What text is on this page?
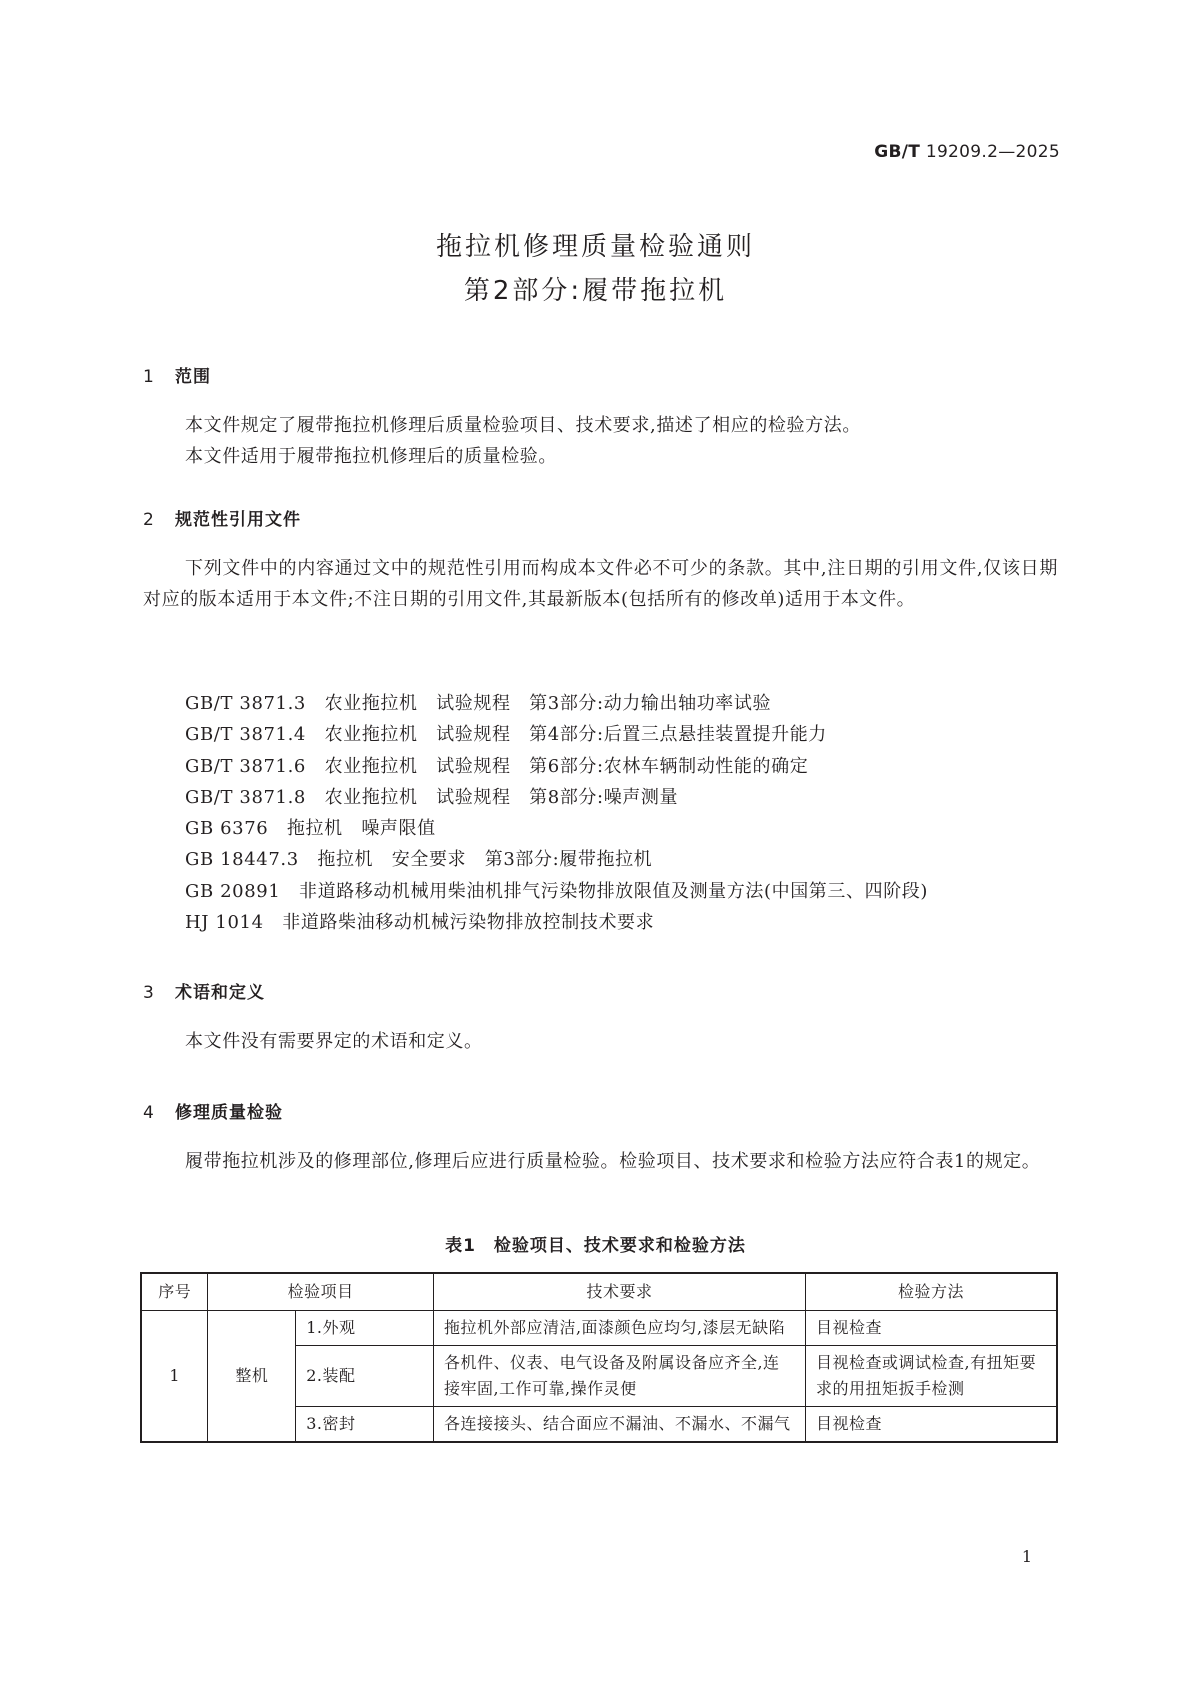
GB/T 19209.2—2025
拖拉机修理质量检验通则
第2部分:履带拖拉机
1 范围
本文件规定了履带拖拉机修理后质量检验项目、技术要求,描述了相应的检验方法。
本文件适用于履带拖拉机修理后的质量检验。
2 规范性引用文件
下列文件中的内容通过文中的规范性引用而构成本文件必不可少的条款。其中,注日期的引用文件,仅该日期对应的版本适用于本文件;不注日期的引用文件,其最新版本(包括所有的修改单)适用于本文件。
GB/T 3871.3　农业拖拉机　试验规程　第3部分:动力输出轴功率试验
GB/T 3871.4　农业拖拉机　试验规程　第4部分:后置三点悬挂装置提升能力
GB/T 3871.6　农业拖拉机　试验规程　第6部分:农林车辆制动性能的确定
GB/T 3871.8　农业拖拉机　试验规程　第8部分:噪声测量
GB 6376　拖拉机　噪声限值
GB 18447.3　拖拉机　安全要求　第3部分:履带拖拉机
GB 20891　非道路移动机械用柴油机排气污染物排放限值及测量方法(中国第三、四阶段)
HJ 1014　非道路柴油移动机械污染物排放控制技术要求
3 术语和定义
本文件没有需要界定的术语和定义。
4 修理质量检验
履带拖拉机涉及的修理部位,修理后应进行质量检验。检验项目、技术要求和检验方法应符合表1的规定。
表1　检验项目、技术要求和检验方法
序号	检验项目		技术要求	检验方法
1	整机	1.外观	拖拉机外部应清洁,面漆颜色应均匀,漆层无缺陷	目视检查
		2.装配	各机件、仪表、电气设备及附属设备应齐全,连接牢固,工作可靠,操作灵便	目视检查或调试检查,有扭矩要求的用扭矩扳手检测
		3.密封	各连接接头、结合面应不漏油、不漏水、不漏气	目视检查
1
